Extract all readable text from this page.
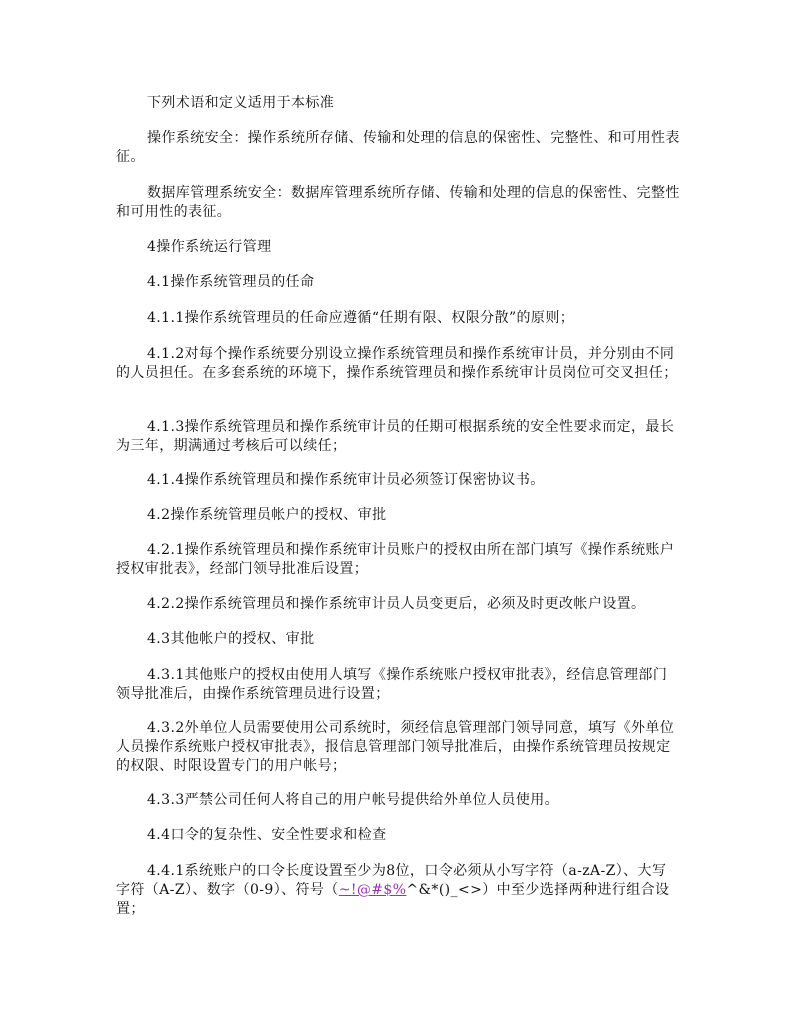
下列术语和定义适用于本标准

操作系统安全：操作系统所存储、传输和处理的信息的保密性、完整性、和可用性表征。

数据库管理系统安全：数据库管理系统所存储、传输和处理的信息的保密性、完整性和可用性的表征。

4操作系统运行管理

4.1操作系统管理员的任命

4.1.1操作系统管理员的任命应遵循“任期有限、权限分散”的原则；

4.1.2对每个操作系统要分别设立操作系统管理员和操作系统审计员，并分别由不同的人员担任。在多套系统的环境下，操作系统管理员和操作系统审计员岗位可交叉担任；

4.1.3操作系统管理员和操作系统审计员的任期可根据系统的安全性要求而定，最长为三年，期满通过考核后可以续任；

4.1.4操作系统管理员和操作系统审计员必须签订保密协议书。

4.2操作系统管理员帐户的授权、审批

4.2.1操作系统管理员和操作系统审计员账户的授权由所在部门填写《操作系统账户授权审批表》，经部门领导批准后设置；

4.2.2操作系统管理员和操作系统审计员人员变更后，必须及时更改帐户设置。

4.3其他帐户的授权、审批

4.3.1其他账户的授权由使用人填写《操作系统账户授权审批表》，经信息管理部门领导批准后，由操作系统管理员进行设置；

4.3.2外单位人员需要使用公司系统时，须经信息管理部门领导同意，填写《外单位人员操作系统账户授权审批表》，报信息管理部门领导批准后，由操作系统管理员按规定的权限、时限设置专门的用户帐号；

4.3.3严禁公司任何人将自己的用户帐号提供给外单位人员使用。

4.4口令的复杂性、安全性要求和检查

4.4.1系统账户的口令长度设置至少为8位，口令必须从小写字符（a-zA-Z）、大写字符（A-Z）、数字（0-9）、符号（~!@#$%^&*()_<>）中至少选择两种进行组合设置；
